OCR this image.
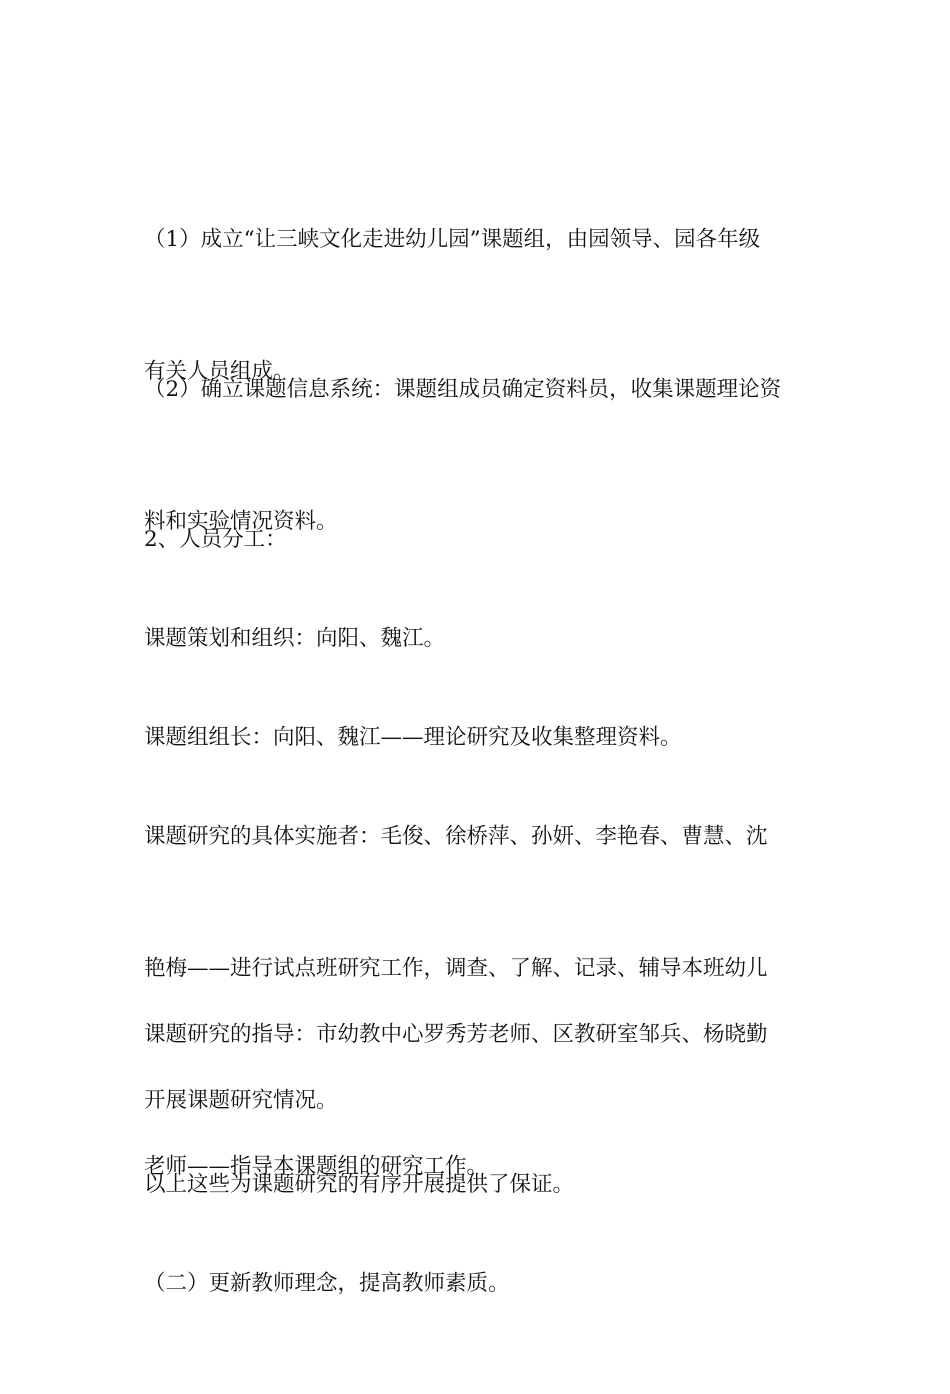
（1）成立“让三峡文化走进幼儿园”课题组，由园领导、园各年级

有关人员组成。

（2）确立课题信息系统：课题组成员确定资料员，收集课题理论资

料和实验情况资料。

2、人员分工：

课题策划和组织：向阳、魏江。

课题组组长：向阳、魏江——理论研究及收集整理资料。

课题研究的具体实施者：毛俊、徐桥萍、孙妍、李艳春、曹慧、沈

艳梅——进行试点班研究工作，调查、了解、记录、辅导本班幼儿

开展课题研究情况。

课题研究的指导：市幼教中心罗秀芳老师、区教研室邹兵、杨晓勤

老师——指导本课题组的研究工作。

以上这些为课题研究的有序开展提供了保证。

（二）更新教师理念，提高教师素质。
